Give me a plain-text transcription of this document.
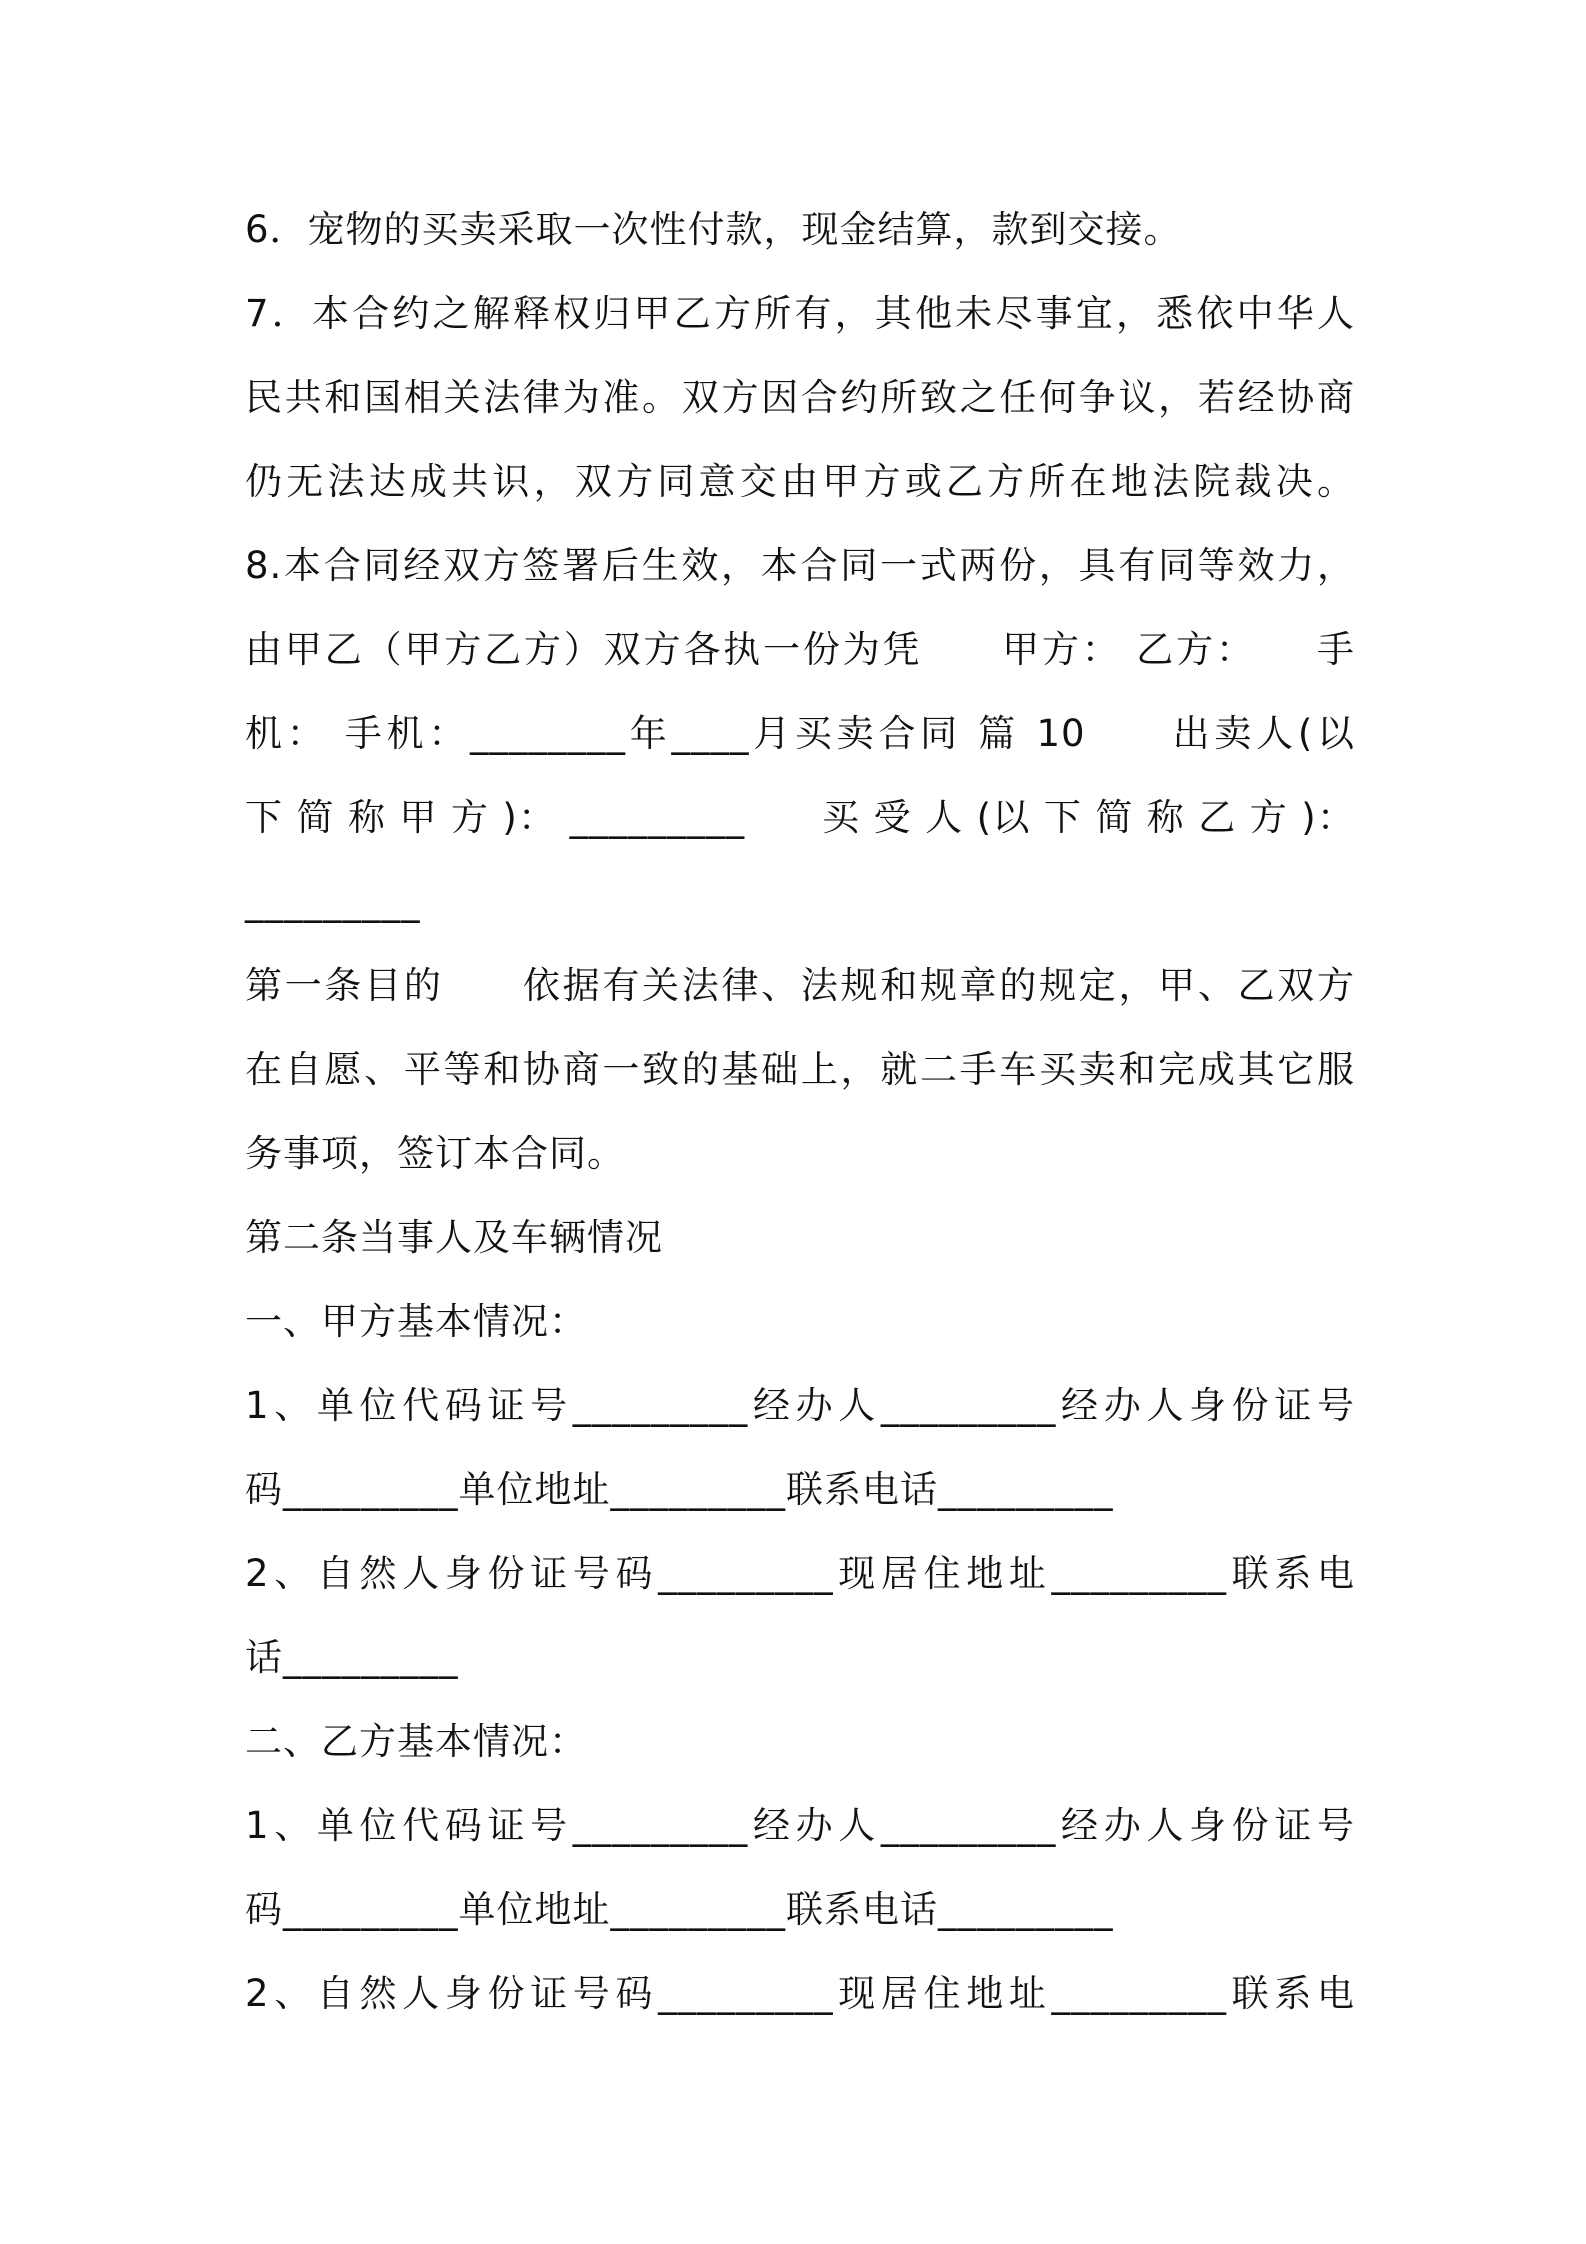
6．宠物的买卖采取一次性付款，现金结算，款到交接。
7．本合约之解释权归甲乙方所有，其他未尽事宜，悉依中华人
民共和国相关法律为准。双方因合约所致之任何争议，若经协商
仍无法达成共识，双方同意交由甲方或乙方所在地法院裁决。
8.本合同经双方签署后生效，本合同一式两份，具有同等效力，
由甲乙（甲方乙方）双方各执一份为凭　　甲方： 乙方：　　手
机： 手机：________年____月买卖合同 篇 10　　出卖人(以
下 简 称 甲 方 )： _________　　买 受 人 (以 下 简 称 乙 方 )：
_________
第一条目的　　依据有关法律、法规和规章的规定，甲、乙双方
在自愿、平等和协商一致的基础上，就二手车买卖和完成其它服
务事项，签订本合同。
第二条当事人及车辆情况
一、甲方基本情况：
1、单位代码证号_________经办人_________经办人身份证号
码_________单位地址_________联系电话_________
2、自然人身份证号码_________现居住地址_________联系电
话_________
二、乙方基本情况：
1、单位代码证号_________经办人_________经办人身份证号
码_________单位地址_________联系电话_________
2、自然人身份证号码_________现居住地址_________联系电
